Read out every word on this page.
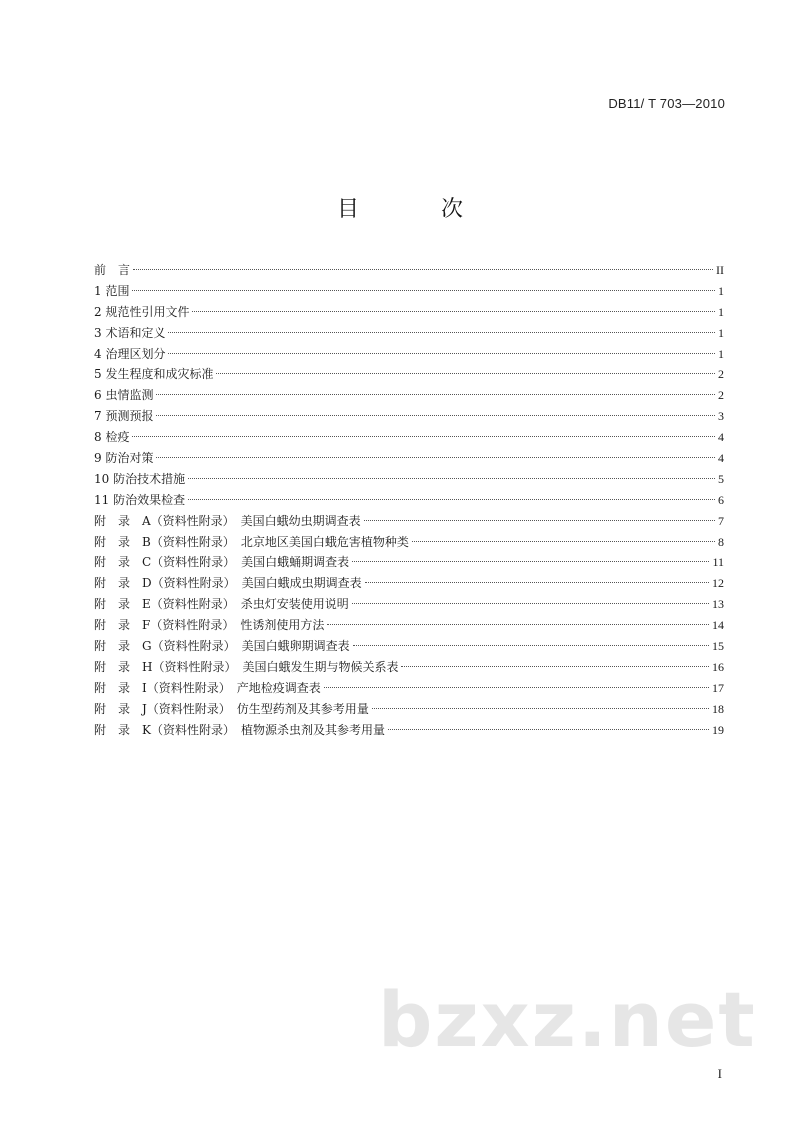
DB11/ T 703—2010
目　次
前　言	II
1 范围	1
2 规范性引用文件	1
3 术语和定义	1
4 治理区划分	1
5 发生程度和成灾标准	2
6 虫情监测	2
7 预测预报	3
8 检疫	4
9 防治对策	4
10 防治技术措施	5
11 防治效果检查	6
附　录　A（资料性附录）　美国白蛾幼虫期调查表	7
附　录　B（资料性附录）　北京地区美国白蛾危害植物种类	8
附　录　C（资料性附录）　美国白蛾蛹期调查表	11
附　录　D（资料性附录）　美国白蛾成虫期调查表	12
附　录　E（资料性附录）　杀虫灯安装使用说明	13
附　录　F（资料性附录）　性诱剂使用方法	14
附　录　G（资料性附录）　美国白蛾卵期调查表	15
附　录　H（资料性附录）　美国白蛾发生期与物候关系表	16
附　录　I（资料性附录）　产地检疫调查表	17
附　录　J（资料性附录）　仿生型药剂及其参考用量	18
附　录　K（资料性附录）　植物源杀虫剂及其参考用量	19
bzxz.net
I
